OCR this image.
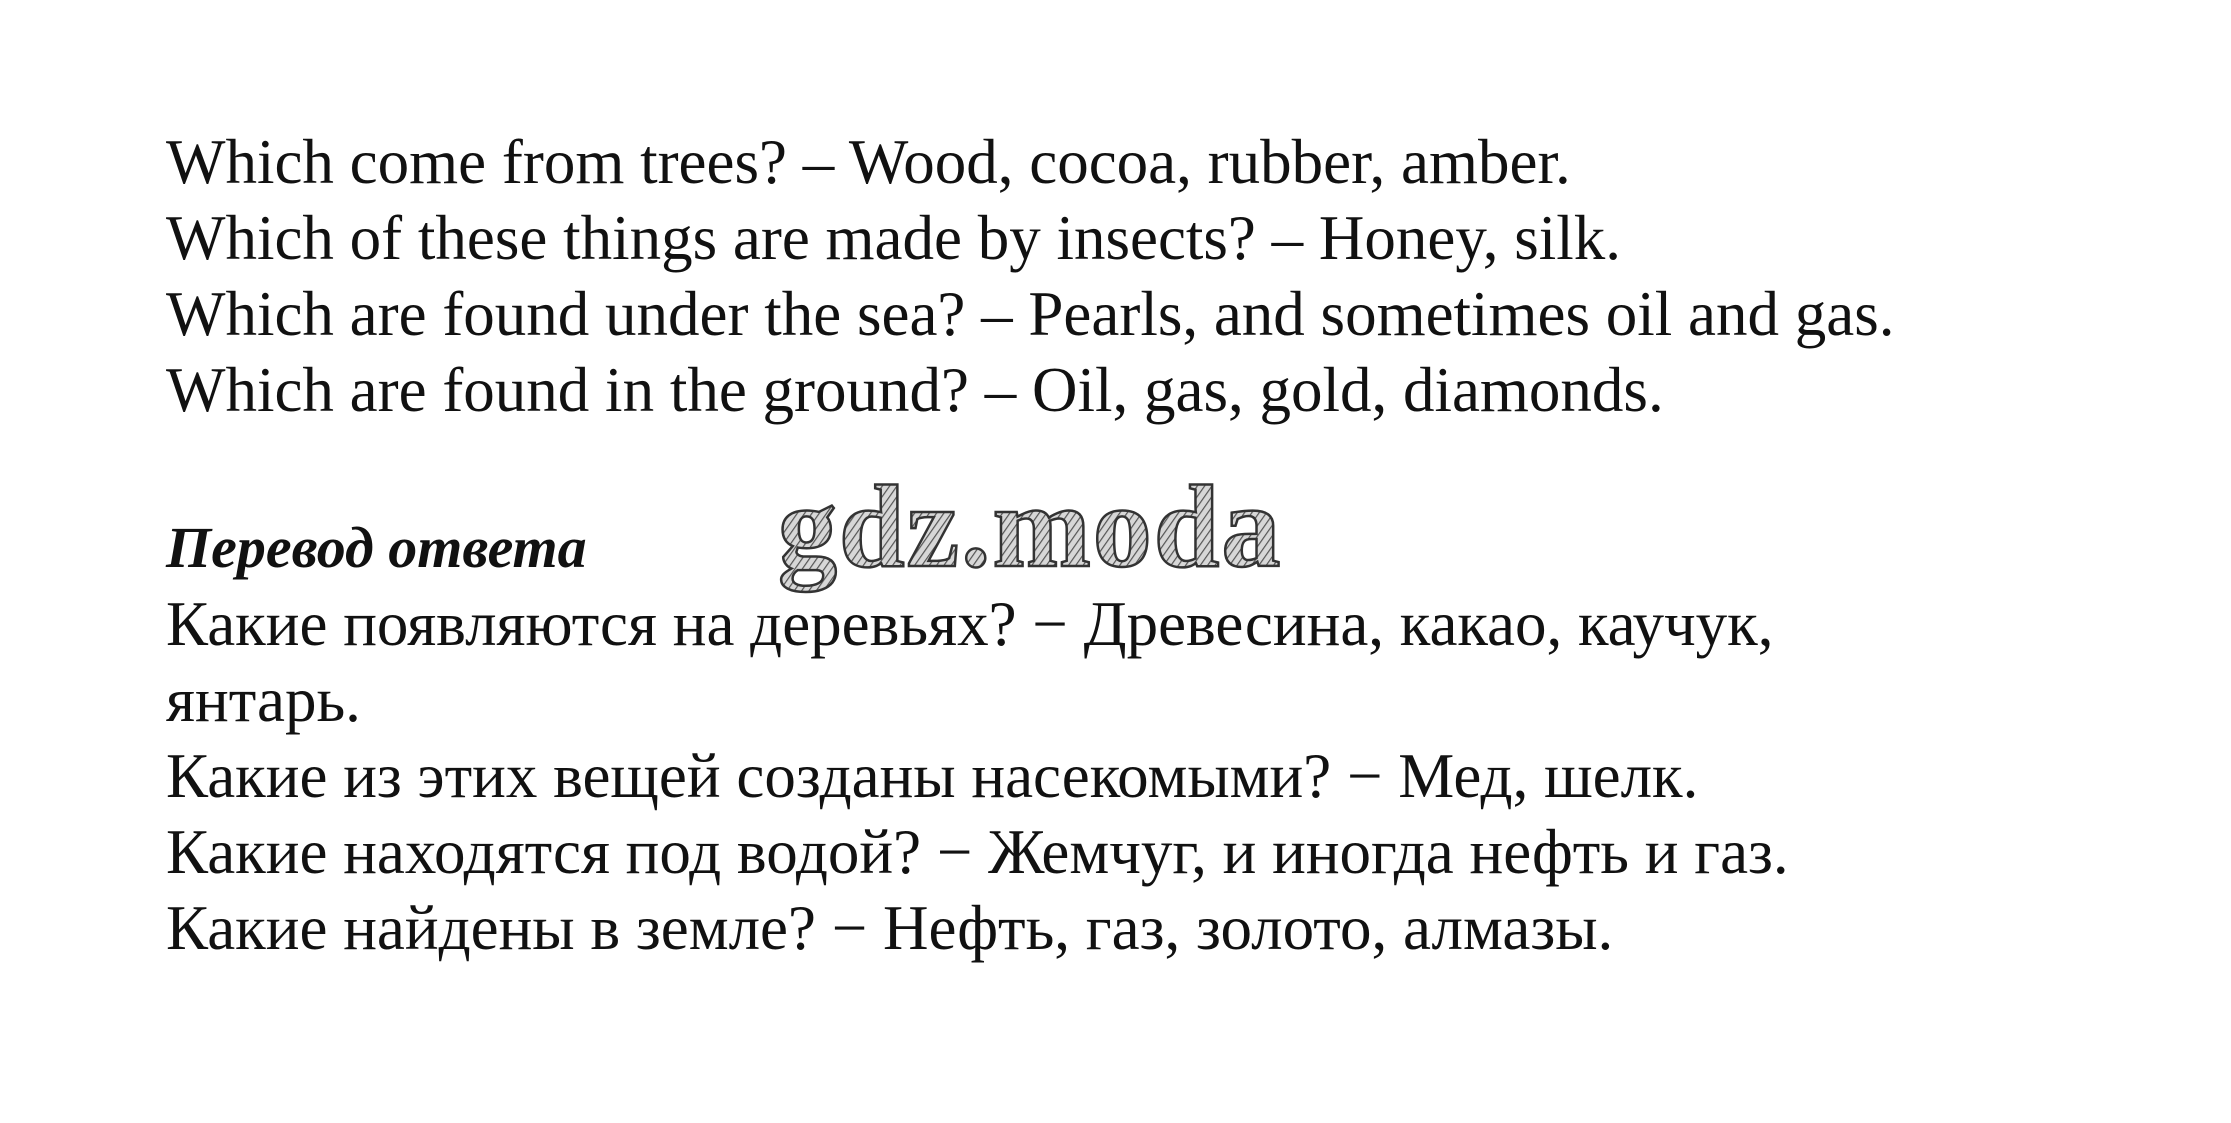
Which come from trees? – Wood, cocoa, rubber, amber.

Which of these things are made by insects? – Honey, silk.

Which are found under the sea? – Pearls, and sometimes oil and gas.

Which are found in the ground? – Oil, gas, gold, diamonds.

Перевод ответа

Какие появляются на деревьях? − Древесина, какао, каучук, янтарь.

Какие из этих вещей созданы насекомыми? − Мед, шелк.

Какие находятся под водой? − Жемчуг, и иногда нефть и газ.

Какие найдены в земле? − Нефть, газ, золото, алмазы.

gdz.moda
